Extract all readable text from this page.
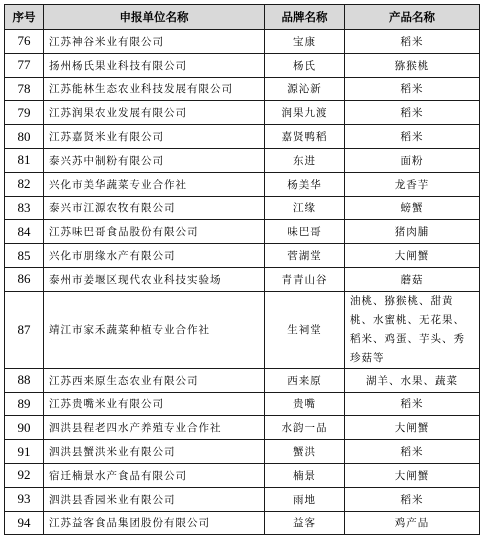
序号	申报单位名称	品牌名称	产品名称
76	江苏神谷米业有限公司	宝康	稻米
77	扬州杨氏果业科技有限公司	杨氏	猕猴桃
78	江苏能林生态农业科技发展有限公司	源沁新	稻米
79	江苏润果农业发展有限公司	润果九渡	稻米
80	江苏嘉贤米业有限公司	嘉贤鸭稻	稻米
81	泰兴苏中制粉有限公司	东进	面粉
82	兴化市美华蔬菜专业合作社	杨美华	龙香芋
83	泰兴市江源农牧有限公司	江缘	螃蟹
84	江苏味巴哥食品股份有限公司	味巴哥	猪肉脯
85	兴化市朋缘水产有限公司	菅湖堂	大闸蟹
86	泰州市姜堰区现代农业科技实验场	青青山谷	蘑菇
87	靖江市家禾蔬菜种植专业合作社	生祠堂	油桃、猕猴桃、甜黄桃、水蜜桃、无花果、稻米、鸡蛋、芋头、秀珍菇等
88	江苏西来原生态农业有限公司	西来原	湖羊、水果、蔬菜
89	江苏贵嘴米业有限公司	贵嘴	稻米
90	泗洪县程老四水产养殖专业合作社	水韵一品	大闸蟹
91	泗洪县蟹洪米业有限公司	蟹洪	稻米
92	宿迁楠景水产食品有限公司	楠景	大闸蟹
93	泗洪县香园米业有限公司	雨地	稻米
94	江苏益客食品集团股份有限公司	益客	鸡产品
